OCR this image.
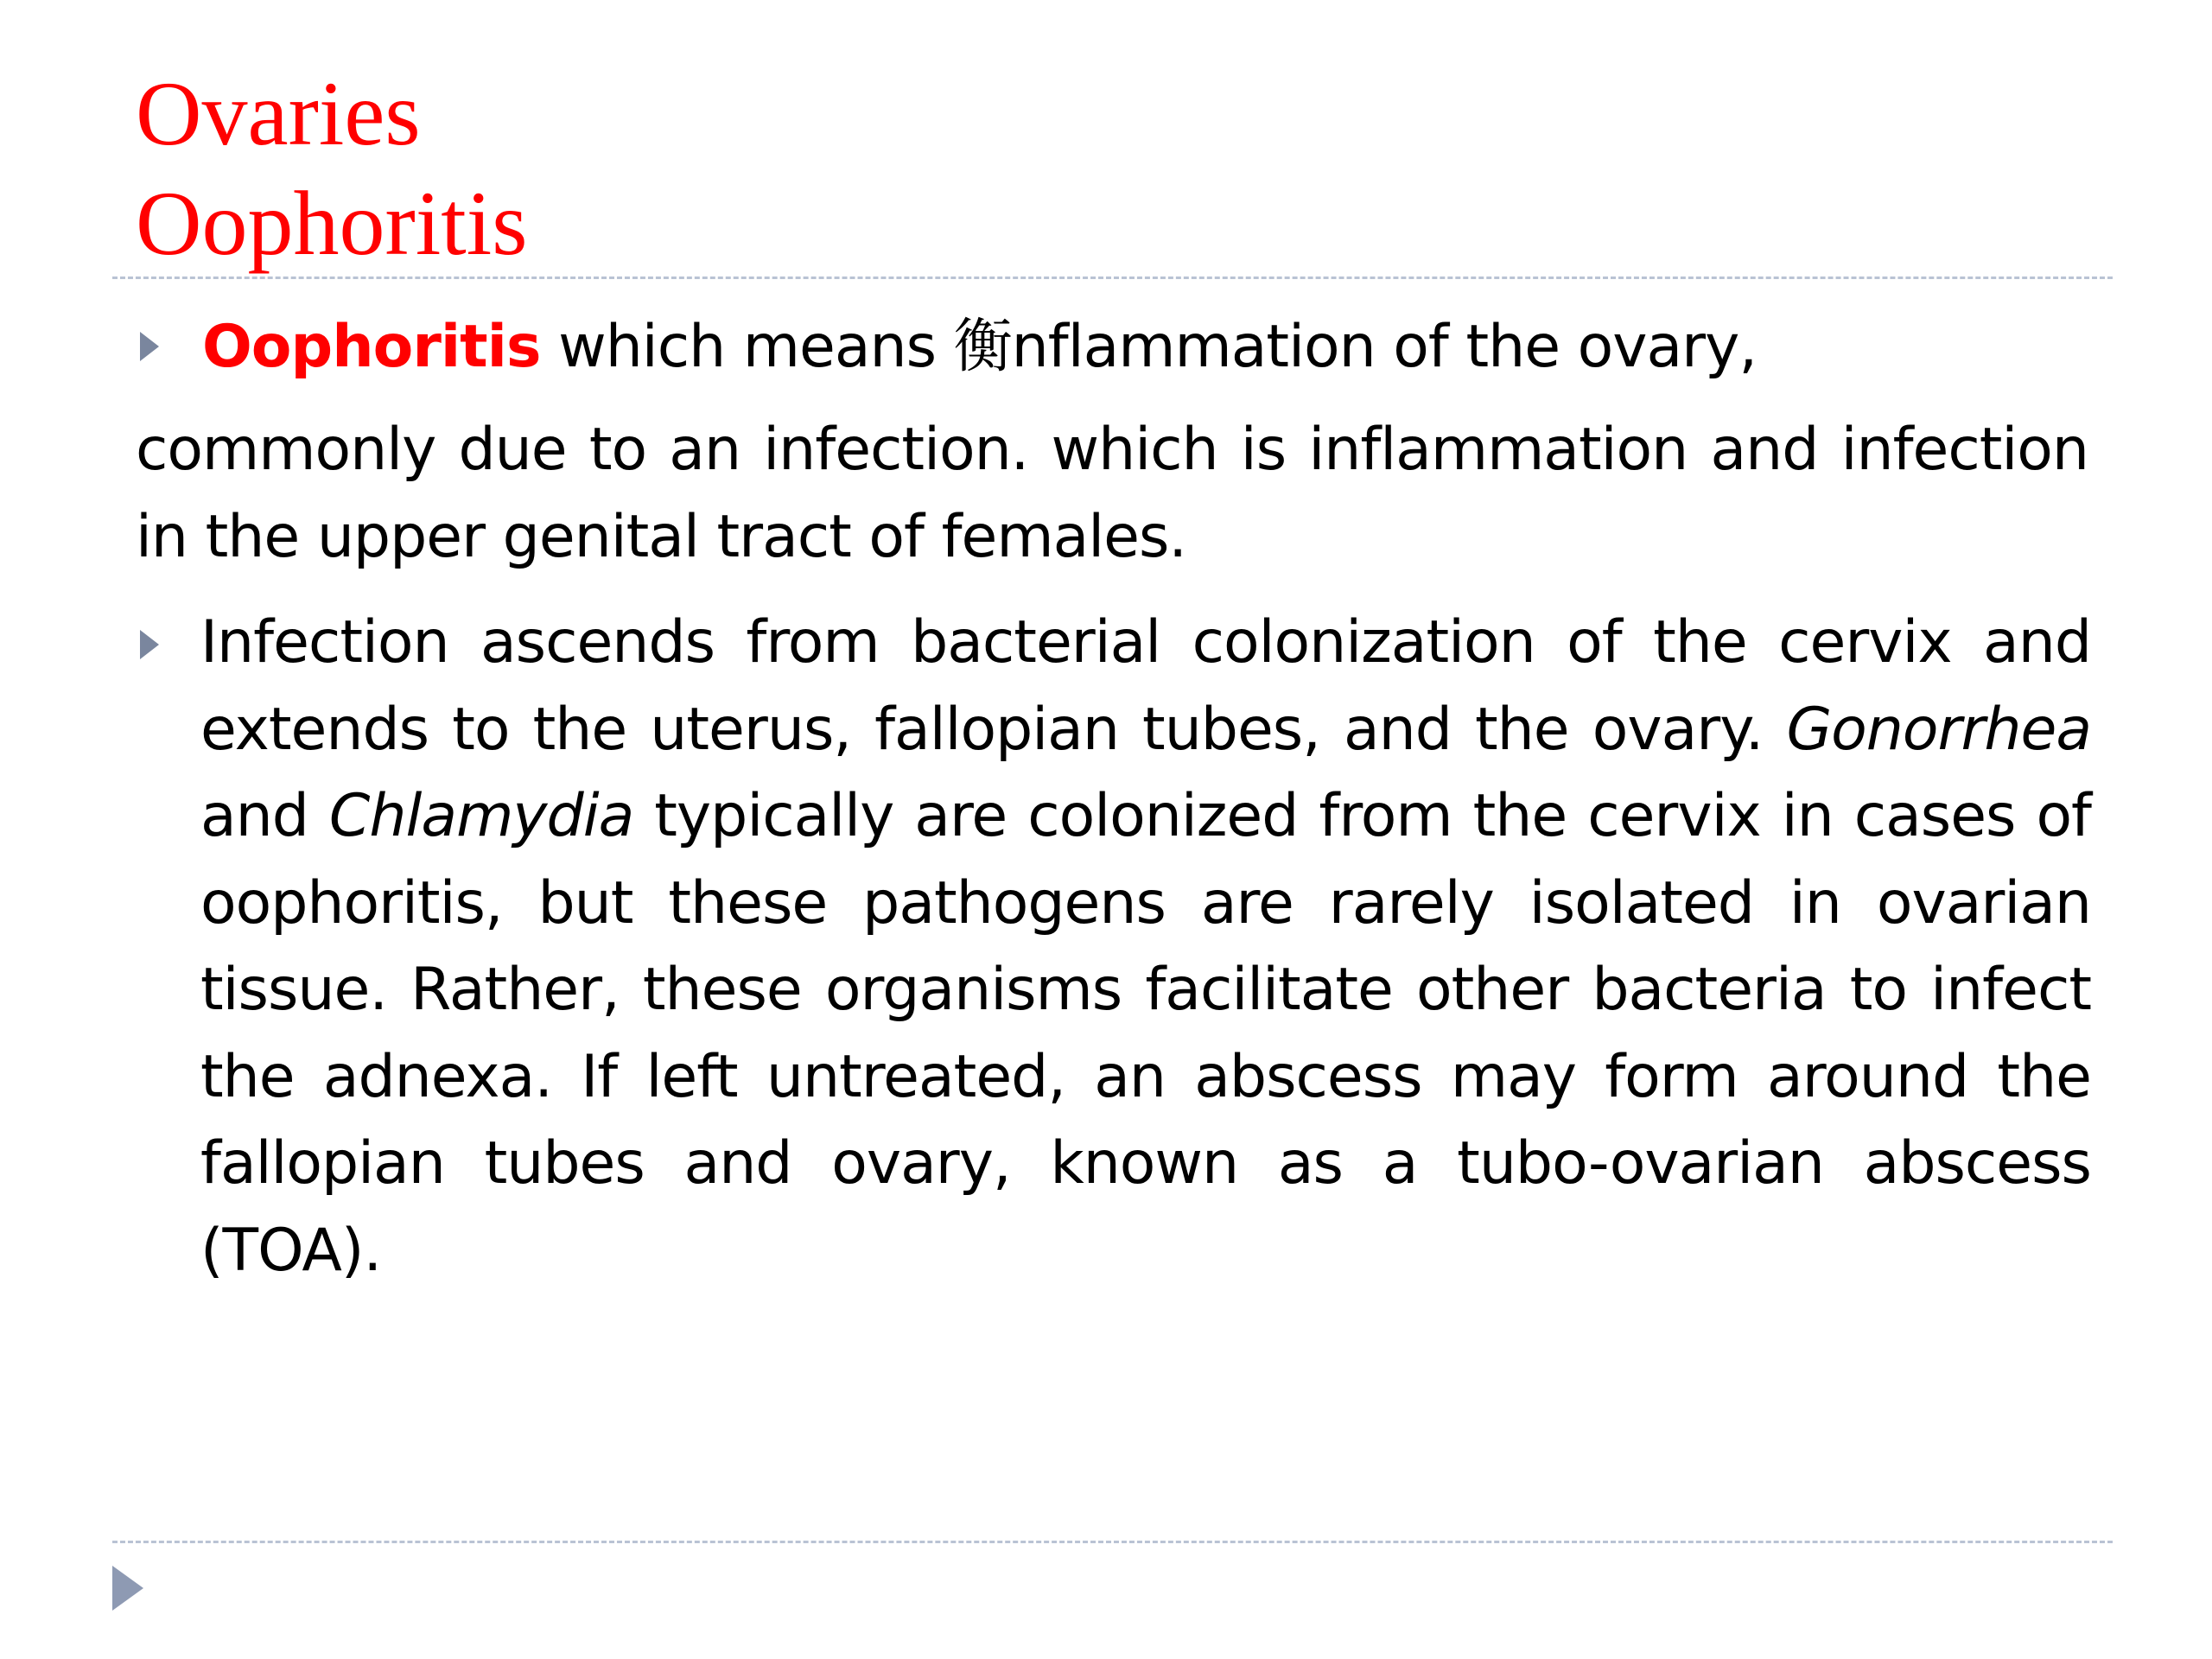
Ovaries
Oophoritis
Oophoritis which means 衡nflammation of the ovary,
commonly due to an infection. which is inflammation and infection in the upper genital tract of females.
Infection ascends from bacterial colonization of the cervix and extends to the uterus, fallopian tubes, and the ovary. Gonorrhea and Chlamydia typically are colonized from the cervix in cases of oophoritis, but these pathogens are rarely isolated in ovarian tissue. Rather, these organisms facilitate other bacteria to infect the adnexa. If left untreated, an abscess may form around the fallopian tubes and ovary, known as a tubo-ovarian abscess (TOA).
